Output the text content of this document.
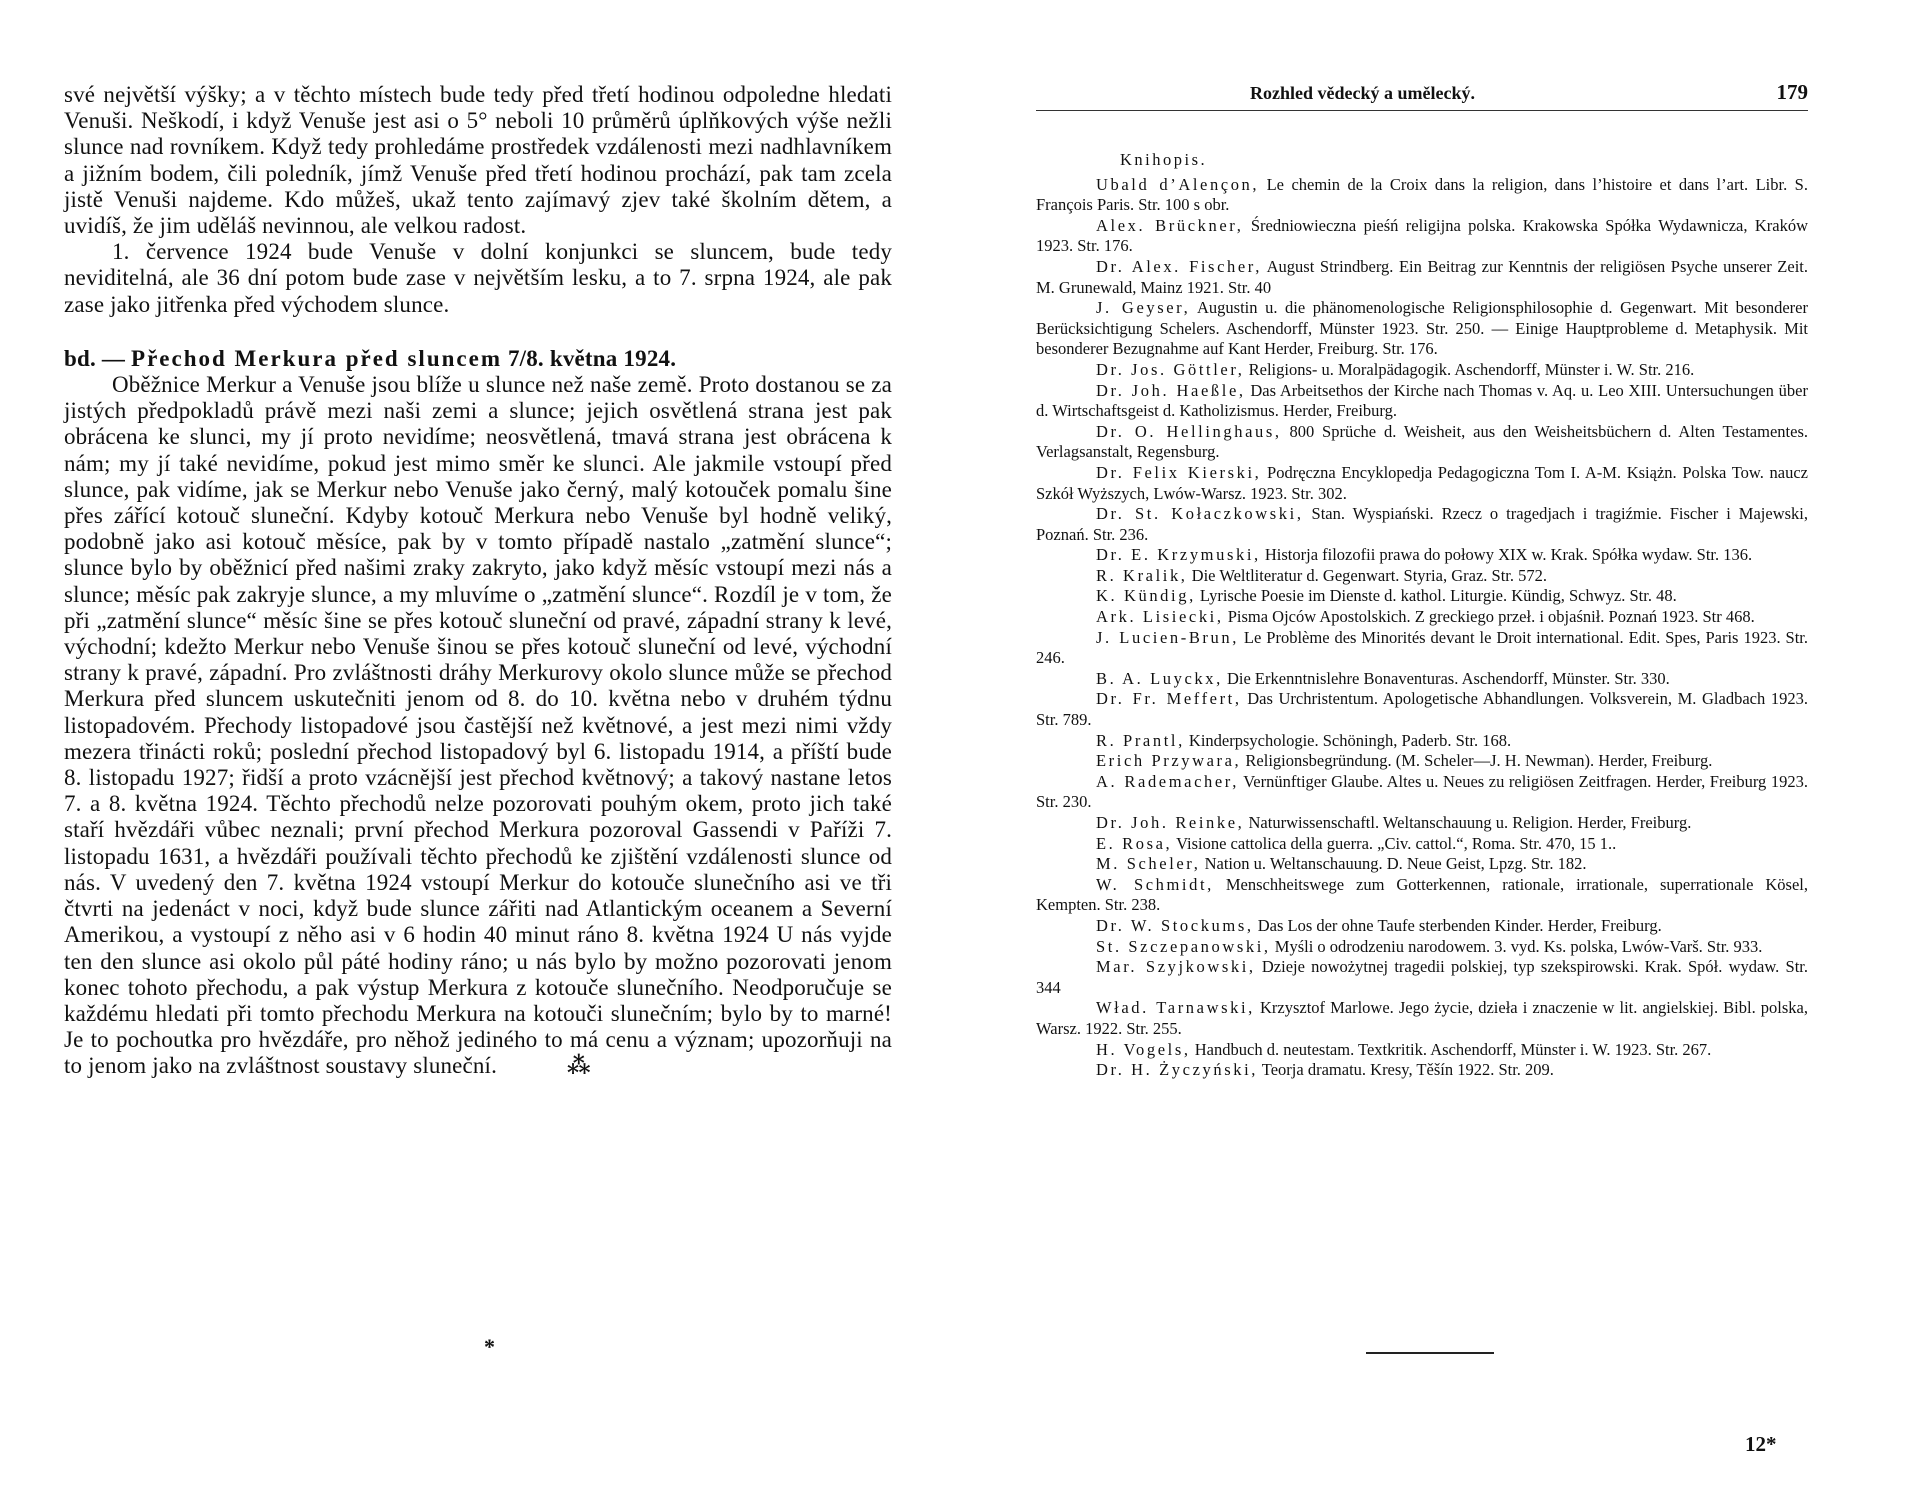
své největší výšky; a v těchto místech bude tedy před třetí hodinou odpoledne hledati Venuši. Neškodí, i když Venuše jest asi o 5° neboli 10 průměrů úplňkových výše nežli slunce nad rovníkem. Když tedy prohledáme prostředek vzdálenosti mezi nadhlavníkem a jižním bodem, čili poledník, jímž Venuše před třetí hodinou prochází, pak tam zcela jistě Venuši najdeme. Kdo můžeš, ukaž tento zajímavý zjev také školním dětem, a uvidíš, že jim uděláš nevinnou, ale velkou radost.

1. července 1924 bude Venuše v dolní konjunkci se sluncem, bude tedy neviditelná, ale 36 dní potom bude zase v největším lesku, a to 7. srpna 1924, ale pak zase jako jitřenka před východem slunce.

bd. — Přechod Merkura před sluncem 7/8. května 1924.

Oběžnice Merkur a Venuše jsou blíže u slunce než naše země. Proto dostanou se za jistých předpokladů právě mezi naši zemi a slunce; jejich osvětlená strana jest pak obrácena ke slunci, my jí proto nevidíme; neosvětlená, tmavá strana jest obrácena k nám; my jí také nevidíme, pokud jest mimo směr ke slunci. Ale jakmile vstoupí před slunce, pak vidíme, jak se Merkur nebo Venuše jako černý, malý kotouček pomalu šine přes zářící kotouč sluneční. Kdyby kotouč Merkura nebo Venuše byl hodně veliký, podobně jako asi kotouč měsíce, pak by v tomto případě nastalo „zatmění slunce“; slunce bylo by oběžnicí před našimi zraky zakryto, jako když měsíc vstoupí mezi nás a slunce; měsíc pak zakryje slunce, a my mluvíme o „zatmění slunce“. Rozdíl je v tom, že při „zatmění slunce“ měsíc šine se přes kotouč sluneční od pravé, západní strany k levé, východní; kdežto Merkur nebo Venuše šinou se přes kotouč sluneční od levé, východní strany k pravé, západní. Pro zvláštnosti dráhy Merkurovy okolo slunce může se přechod Merkura před sluncem uskutečniti jenom od 8. do 10. května nebo v druhém týdnu listopadovém. Přechody listopadové jsou častější než květnové, a jest mezi nimi vždy mezera třinácti roků; poslední přechod listopadový byl 6. listopadu 1914, a příští bude 8. listopadu 1927; řidší a proto vzácnější jest přechod květnový; a takový nastane letos 7. a 8. května 1924. Těchto přechodů nelze pozorovati pouhým okem, proto jich také staří hvězdáři vůbec neznali; první přechod Merkura pozoroval Gassendi v Paříži 7. listopadu 1631, a hvězdáři používali těchto přechodů ke zjištění vzdálenosti slunce od nás. V uvedený den 7. května 1924 vstoupí Merkur do kotouče slunečního asi ve tři čtvrti na jedenáct v noci, když bude slunce zářiti nad Atlantickým oceanem a Severní Amerikou, a vystoupí z něho asi v 6 hodin 40 minut ráno 8. května 1924 U nás vyjde ten den slunce asi okolo půl páté hodiny ráno; u nás bylo by možno pozorovati jenom konec tohoto přechodu, a pak výstup Merkura z kotouče slunečního. Neodporučuje se každému hledati při tomto přechodu Merkura na kotouči slunečním; bylo by to marné! Je to pochoutka pro hvězdáře, pro něhož jediného to má cenu a význam; upozorňuji na to jenom jako na zvláštnost soustavy sluneční.	⁂

*
Rozhled vědecký a umělecký.	179

Knihopis.

Ubald d’Alençon, Le chemin de la Croix dans la religion, dans l’histoire et dans l’art. Libr. S. François Paris. Str. 100 s obr.

Alex. Brückner, Średniowieczna pieśń religijna polska. Krakowska Spółka Wydawnicza, Kraków 1923. Str. 176.

Dr. Alex. Fischer, August Strindberg. Ein Beitrag zur Kenntnis der religiösen Psyche unserer Zeit. M. Grunewald, Mainz 1921. Str. 40

J. Geyser, Augustin u. die phänomenologische Religionsphilosophie d. Gegenwart. Mit besonderer Berücksichtigung Schelers. Aschendorff, Münster 1923. Str. 250. — Einige Hauptprobleme d. Metaphysik. Mit besonderer Bezugnahme auf Kant Herder, Freiburg. Str. 176.

Dr. Jos. Göttler, Religions- u. Moralpädagogik. Aschendorff, Münster i. W. Str. 216.

Dr. Joh. Haeßle, Das Arbeitsethos der Kirche nach Thomas v. Aq. u. Leo XIII. Untersuchungen über d. Wirtschaftsgeist d. Katholizismus. Herder, Freiburg.

Dr. O. Hellinghaus, 800 Sprüche d. Weisheit, aus den Weisheitsbüchern d. Alten Testamentes. Verlagsanstalt, Regensburg.

Dr. Felix Kierski, Podręczna Encyklopedja Pedagogiczna Tom I. A-M. Książn. Polska Tow. naucz Szkół Wyższych, Lwów-Warsz. 1923. Str. 302.

Dr. St. Kołaczkowski, Stan. Wyspiański. Rzecz o tragedjach i tragiźmie. Fischer i Majewski, Poznań. Str. 236.

Dr. E. Krzymuski, Historja filozofii prawa do połowy XIX w. Krak. Spółka wydaw. Str. 136.

R. Kralik, Die Weltliteratur d. Gegenwart. Styria, Graz. Str. 572.

K. Kündig, Lyrische Poesie im Dienste d. kathol. Liturgie. Kündig, Schwyz. Str. 48.

Ark. Lisiecki, Pisma Ojców Apostolskich. Z greckiego przeł. i objaśnił. Poznań 1923. Str 468.

J. Lucien-Brun, Le Problème des Minorités devant le Droit international. Edit. Spes, Paris 1923. Str. 246.

B. A. Luyckx, Die Erkenntnislehre Bonaventuras. Aschendorff, Münster. Str. 330.

Dr. Fr. Meffert, Das Urchristentum. Apologetische Abhandlungen. Volksverein, M. Gladbach 1923. Str. 789.

R. Prantl, Kinderpsychologie. Schöningh, Paderb. Str. 168.

Erich Przywara, Religionsbegründung. (M. Scheler—J. H. Newman). Herder, Freiburg.

A. Rademacher, Vernünftiger Glaube. Altes u. Neues zu religiösen Zeitfragen. Herder, Freiburg 1923. Str. 230.

Dr. Joh. Reinke, Naturwissenschaftl. Weltanschauung u. Religion. Herder, Freiburg.

E. Rosa, Visione cattolica della guerra. „Civ. cattol.“, Roma. Str. 470, 15 1..

M. Scheler, Nation u. Weltanschauung. D. Neue Geist, Lpzg. Str. 182.

W. Schmidt, Menschheitswege zum Gotterkennen, rationale, irrationale, superrationale Kösel, Kempten. Str. 238.

Dr. W. Stockums, Das Los der ohne Taufe sterbenden Kinder. Herder, Freiburg.

St. Szczepanowski, Myśli o odrodzeniu narodowem. 3. vyd. Ks. polska, Lwów-Varš. Str. 933.

Mar. Szyjkowski, Dzieje nowożytnej tragedii polskiej, typ szekspirowski. Krak. Spół. wydaw. Str. 344

Wład. Tarnawski, Krzysztof Marlowe. Jego życie, dzieła i znaczenie w lit. angielskiej. Bibl. polska, Warsz. 1922. Str. 255.

H. Vogels, Handbuch d. neutestam. Textkritik. Aschendorff, Münster i. W. 1923. Str. 267.

Dr. H. Życzyński, Teorja dramatu. Kresy, Těšín 1922. Str. 209.

12*
